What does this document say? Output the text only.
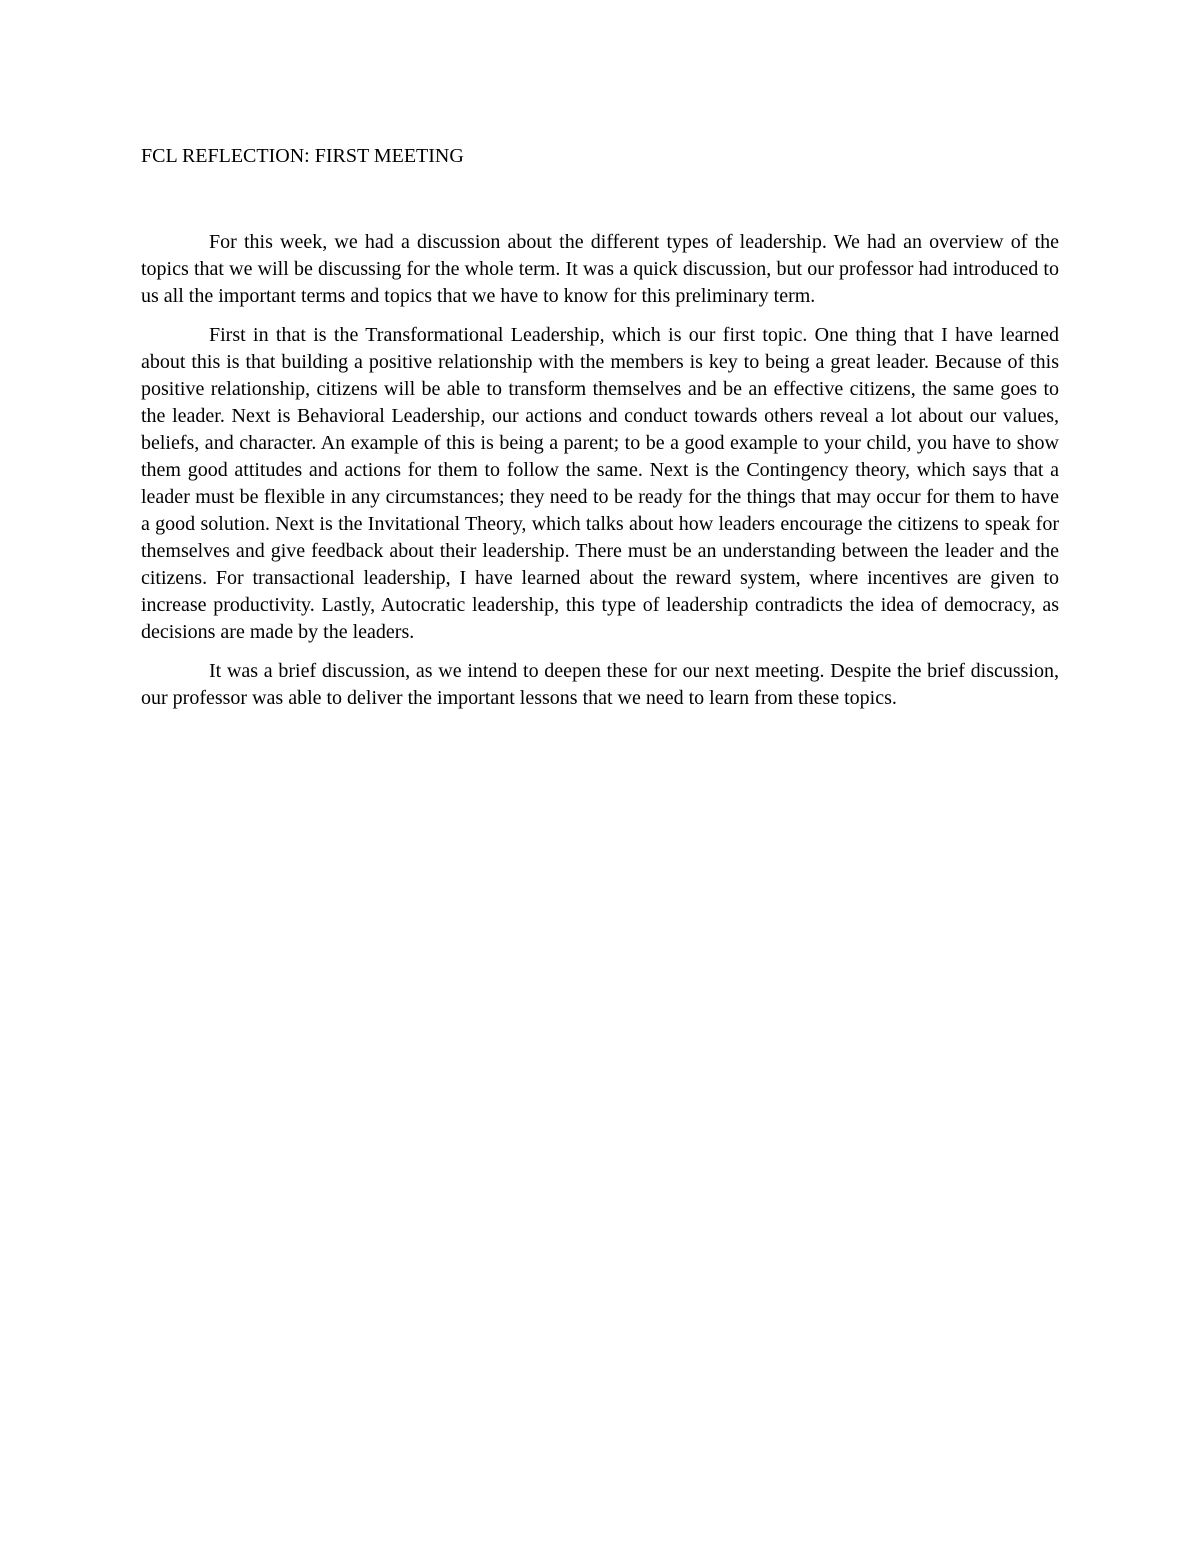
FCL REFLECTION: FIRST MEETING

For this week, we had a discussion about the different types of leadership. We had an overview of the topics that we will be discussing for the whole term. It was a quick discussion, but our professor had introduced to us all the important terms and topics that we have to know for this preliminary term.

First in that is the Transformational Leadership, which is our first topic. One thing that I have learned about this is that building a positive relationship with the members is key to being a great leader. Because of this positive relationship, citizens will be able to transform themselves and be an effective citizens, the same goes to the leader. Next is Behavioral Leadership, our actions and conduct towards others reveal a lot about our values, beliefs, and character. An example of this is being a parent; to be a good example to your child, you have to show them good attitudes and actions for them to follow the same. Next is the Contingency theory, which says that a leader must be flexible in any circumstances; they need to be ready for the things that may occur for them to have a good solution. Next is the Invitational Theory, which talks about how leaders encourage the citizens to speak for themselves and give feedback about their leadership. There must be an understanding between the leader and the citizens. For transactional leadership, I have learned about the reward system, where incentives are given to increase productivity. Lastly, Autocratic leadership, this type of leadership contradicts the idea of democracy, as decisions are made by the leaders.

It was a brief discussion, as we intend to deepen these for our next meeting. Despite the brief discussion, our professor was able to deliver the important lessons that we need to learn from these topics.
